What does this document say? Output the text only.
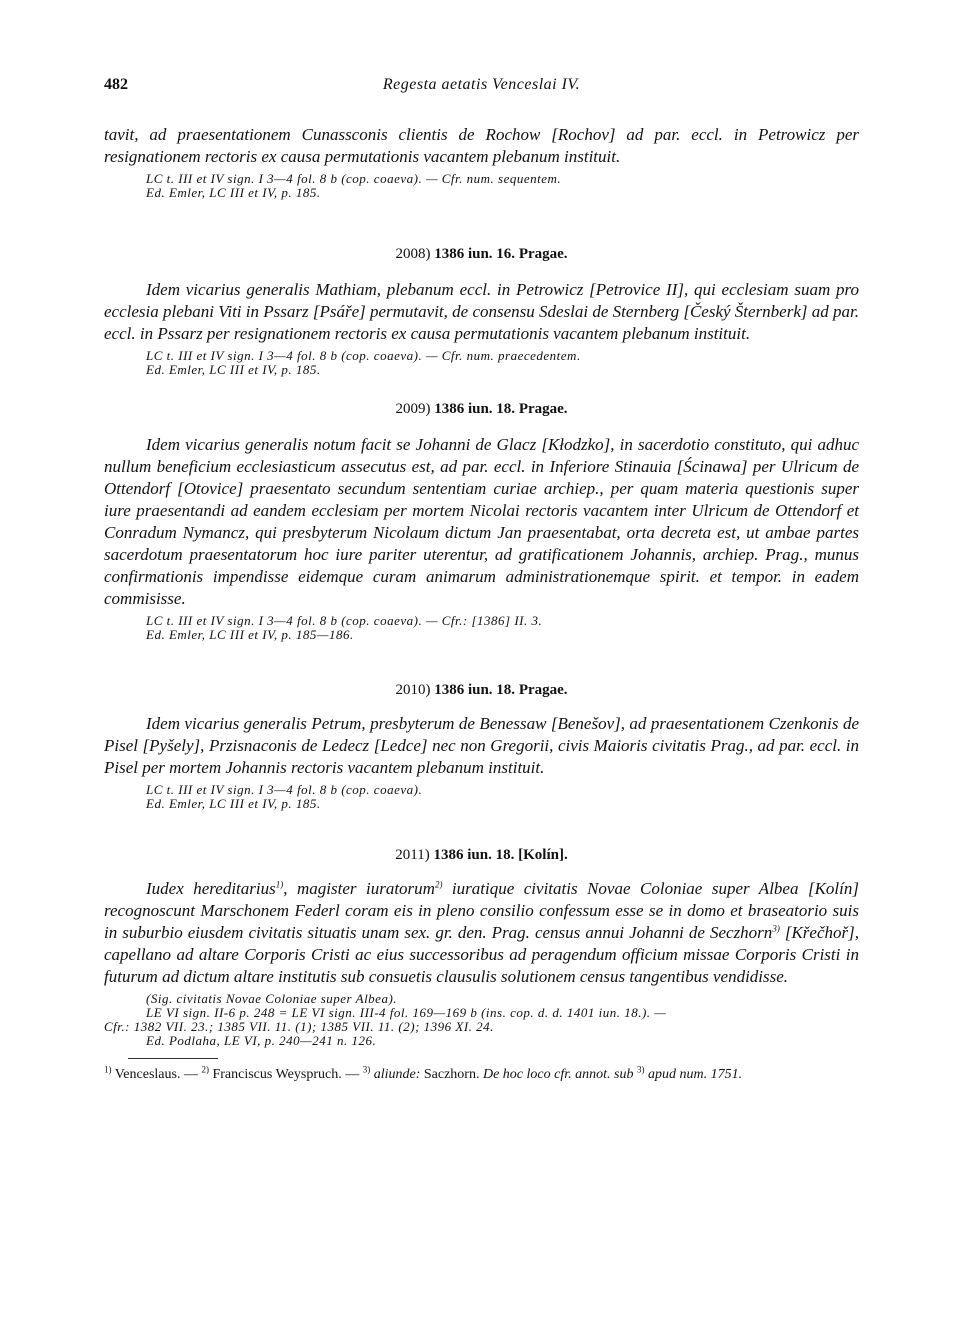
482	Regesta aetatis Venceslai IV.

tavit, ad praesentationem Cunassconis clientis de Rochow [Rochov] ad par. eccl. in Petrowicz per resignationem rectoris ex causa permutationis vacantem plebanum instituit.

LC t. III et IV sign. I 3—4 fol. 8 b (cop. coaeva). — Cfr. num. sequentem.
Ed. Emler, LC III et IV, p. 185.

2008) 1386 iun. 16. Pragae.

Idem vicarius generalis Mathiam, plebanum eccl. in Petrowicz [Petrovice II], qui ecclesiam suam pro ecclesia plebani Viti in Pssarz [Psáře] permutavit, de consensu Sdeslai de Sternberg [Český Šternberk] ad par. eccl. in Pssarz per resignationem rectoris ex causa permutationis vacantem plebanum instituit.

LC t. III et IV sign. I 3—4 fol. 8 b (cop. coaeva). — Cfr. num. praecedentem.
Ed. Emler, LC III et IV, p. 185.

2009) 1386 iun. 18. Pragae.

Idem vicarius generalis notum facit se Johanni de Glacz [Kłodzko], in sacerdotio constituto, qui adhuc nullum beneficium ecclesiasticum assecutus est, ad par. eccl. in Inferiore Stinauia [Ścinawa] per Ulricum de Ottendorf [Otovice] praesentato secundum sententiam curiae archiep., per quam materia questionis super iure praesentandi ad eandem ecclesiam per mortem Nicolai rectoris vacantem inter Ulricum de Ottendorf et Conradum Nymancz, qui presbyterum Nicolaum dictum Jan praesentabat, orta decreta est, ut ambae partes sacerdotum praesentatorum hoc iure pariter uterentur, ad gratificationem Johannis, archiep. Prag., munus confirmationis impendisse eidemque curam animarum administrationemque spirit. et tempor. in eadem commisisse.

LC t. III et IV sign. I 3—4 fol. 8 b (cop. coaeva). — Cfr.: [1386] II. 3.
Ed. Emler, LC III et IV, p. 185—186.

2010) 1386 iun. 18. Pragae.

Idem vicarius generalis Petrum, presbyterum de Benessaw [Benešov], ad praesentationem Czenkonis de Pisel [Pyšely], Przisnaconis de Ledecz [Ledce] nec non Gregorii, civis Maioris civitatis Prag., ad par. eccl. in Pisel per mortem Johannis rectoris vacantem plebanum instituit.

LC t. III et IV sign. I 3—4 fol. 8 b (cop. coaeva).
Ed. Emler, LC III et IV, p. 185.

2011) 1386 iun. 18. [Kolín].

Iudex hereditarius$^{1)}$, magister iuratorum$^{2)}$ iuratique civitatis Novae Coloniae super Albea [Kolín] recognoscunt Marschonem Federl coram eis in pleno consilio confessum esse se in domo et braseatorio suis in suburbio eiusdem civitatis situatis unam sex. gr. den. Prag. census annui Johanni de Seczhorn$^{3)}$ [Křečhoř], capellano ad altare Corporis Cristi ac eius successoribus ad peragendum officium missae Corporis Cristi in futurum ad dictum altare institutis sub consuetis clausulis solutionem census tangentibus vendidisse.

(Sig. civitatis Novae Coloniae super Albea).
LE VI sign. II-6 p. 248 = LE VI sign. III-4 fol. 169—169 b (ins. cop. d. d. 1401 iun. 18.). —
Cfr.: 1382 VII. 23.; 1385 VII. 11. (1); 1385 VII. 11. (2); 1396 XI. 24.
Ed. Podlaha, LE VI, p. 240—241 n. 126.

$^{1)}$ Venceslaus. — $^{2)}$ Franciscus Weyspruch. — $^{3)}$ aliunde: Saczhorn. De hoc loco cfr. annot. sub $^{3)}$ apud num. 1751.
